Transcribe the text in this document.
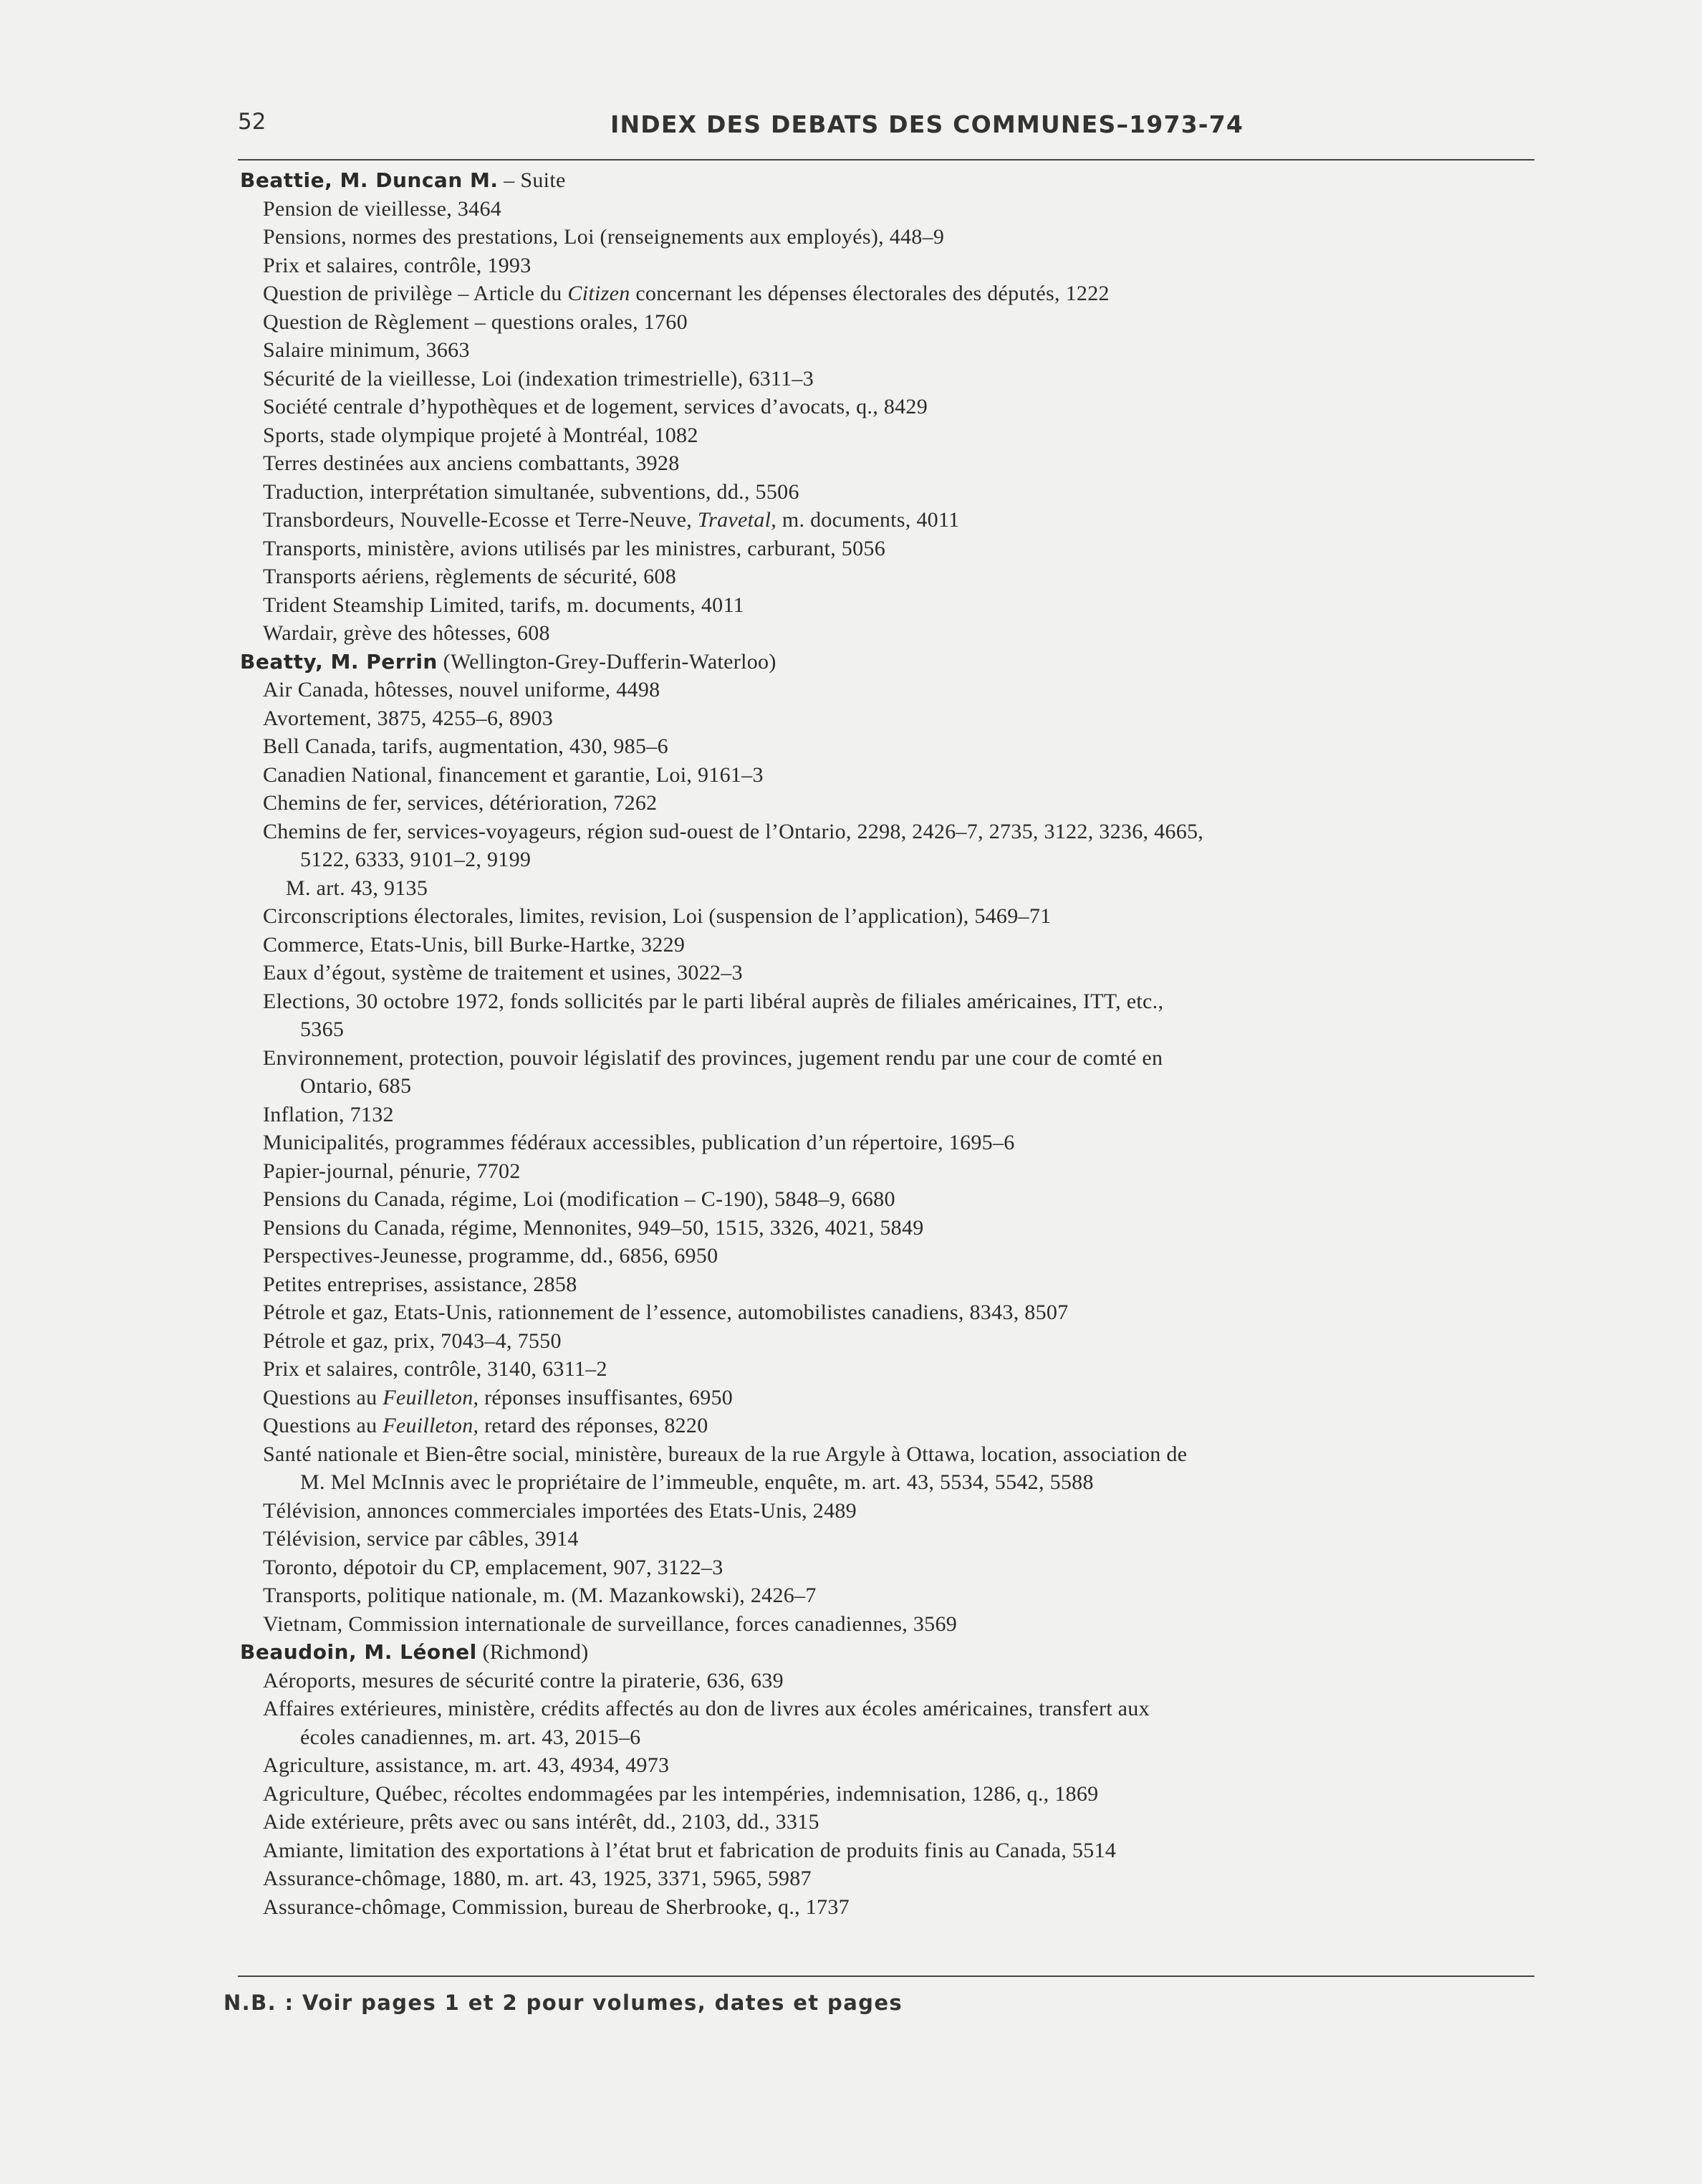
52	INDEX DES DEBATS DES COMMUNES–1973-74
Beattie, M. Duncan M. – Suite
Pension de vieillesse, 3464
Pensions, normes des prestations, Loi (renseignements aux employés), 448–9
Prix et salaires, contrôle, 1993
Question de privilège – Article du Citizen concernant les dépenses électorales des députés, 1222
Question de Règlement – questions orales, 1760
Salaire minimum, 3663
Sécurité de la vieillesse, Loi (indexation trimestrielle), 6311–3
Société centrale d’hypothèques et de logement, services d’avocats, q., 8429
Sports, stade olympique projeté à Montréal, 1082
Terres destinées aux anciens combattants, 3928
Traduction, interprétation simultanée, subventions, dd., 5506
Transbordeurs, Nouvelle-Ecosse et Terre-Neuve, Travetal, m. documents, 4011
Transports, ministère, avions utilisés par les ministres, carburant, 5056
Transports aériens, règlements de sécurité, 608
Trident Steamship Limited, tarifs, m. documents, 4011
Wardair, grève des hôtesses, 608
Beatty, M. Perrin (Wellington-Grey-Dufferin-Waterloo)
Air Canada, hôtesses, nouvel uniforme, 4498
Avortement, 3875, 4255–6, 8903
Bell Canada, tarifs, augmentation, 430, 985–6
Canadien National, financement et garantie, Loi, 9161–3
Chemins de fer, services, détérioration, 7262
Chemins de fer, services-voyageurs, région sud-ouest de l’Ontario, 2298, 2426–7, 2735, 3122, 3236, 4665,
5122, 6333, 9101–2, 9199
M. art. 43, 9135
Circonscriptions électorales, limites, revision, Loi (suspension de l’application), 5469–71
Commerce, Etats-Unis, bill Burke-Hartke, 3229
Eaux d’égout, système de traitement et usines, 3022–3
Elections, 30 octobre 1972, fonds sollicités par le parti libéral auprès de filiales américaines, ITT, etc.,
5365
Environnement, protection, pouvoir législatif des provinces, jugement rendu par une cour de comté en
Ontario, 685
Inflation, 7132
Municipalités, programmes fédéraux accessibles, publication d’un répertoire, 1695–6
Papier-journal, pénurie, 7702
Pensions du Canada, régime, Loi (modification – C-190), 5848–9, 6680
Pensions du Canada, régime, Mennonites, 949–50, 1515, 3326, 4021, 5849
Perspectives-Jeunesse, programme, dd., 6856, 6950
Petites entreprises, assistance, 2858
Pétrole et gaz, Etats-Unis, rationnement de l’essence, automobilistes canadiens, 8343, 8507
Pétrole et gaz, prix, 7043–4, 7550
Prix et salaires, contrôle, 3140, 6311–2
Questions au Feuilleton, réponses insuffisantes, 6950
Questions au Feuilleton, retard des réponses, 8220
Santé nationale et Bien-être social, ministère, bureaux de la rue Argyle à Ottawa, location, association de
M. Mel McInnis avec le propriétaire de l’immeuble, enquête, m. art. 43, 5534, 5542, 5588
Télévision, annonces commerciales importées des Etats-Unis, 2489
Télévision, service par câbles, 3914
Toronto, dépotoir du CP, emplacement, 907, 3122–3
Transports, politique nationale, m. (M. Mazankowski), 2426–7
Vietnam, Commission internationale de surveillance, forces canadiennes, 3569
Beaudoin, M. Léonel (Richmond)
Aéroports, mesures de sécurité contre la piraterie, 636, 639
Affaires extérieures, ministère, crédits affectés au don de livres aux écoles américaines, transfert aux
écoles canadiennes, m. art. 43, 2015–6
Agriculture, assistance, m. art. 43, 4934, 4973
Agriculture, Québec, récoltes endommagées par les intempéries, indemnisation, 1286, q., 1869
Aide extérieure, prêts avec ou sans intérêt, dd., 2103, dd., 3315
Amiante, limitation des exportations à l’état brut et fabrication de produits finis au Canada, 5514
Assurance-chômage, 1880, m. art. 43, 1925, 3371, 5965, 5987
Assurance-chômage, Commission, bureau de Sherbrooke, q., 1737
N.B. : Voir pages 1 et 2 pour volumes, dates et pages
